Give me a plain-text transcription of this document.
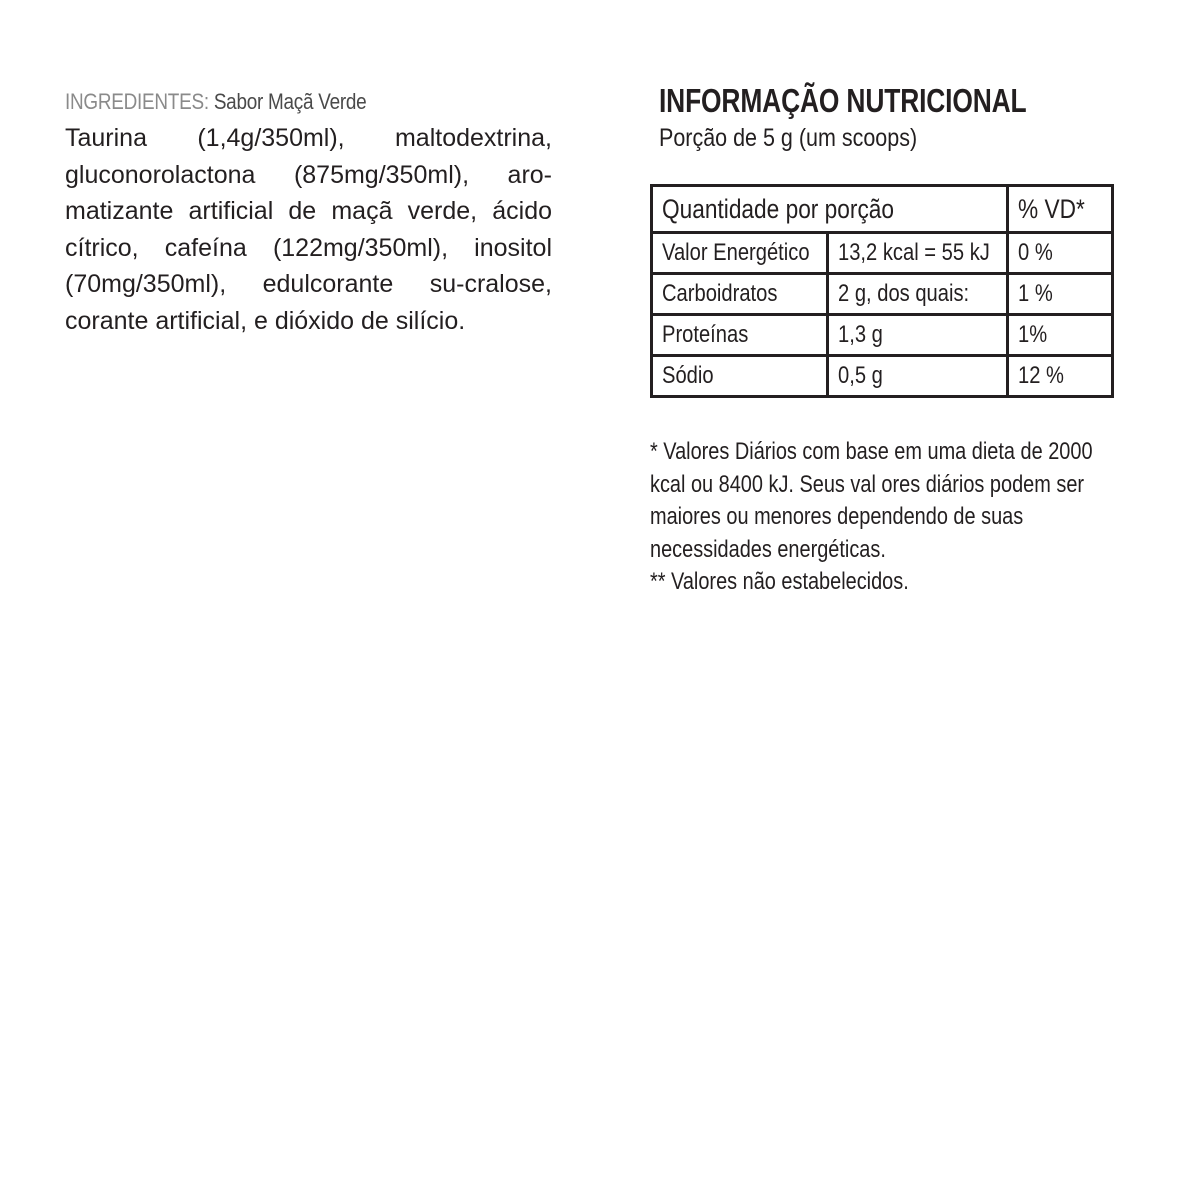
INGREDIENTES: Sabor Maçã Verde

Taurina (1,4g/350ml), maltodextrina, gluconorolactona (875mg/350ml), aro-matizante artificial de maçã verde, ácido cítrico, cafeína (122mg/350ml), inositol (70mg/350ml), edulcorante su-cralose, corante artificial, e dióxido de silício.

INFORMAÇÃO NUTRICIONAL
Porção de 5 g (um scoops)
Quantidade por porção		% VD*
Valor Energético	13,2 kcal = 55 kJ	0 %
Carboidratos	2 g, dos quais:	1 %
Proteínas	1,3 g	1%
Sódio	0,5 g	12 %
* Valores Diários com base em uma dieta de 2000
kcal ou 8400 kJ. Seus val ores diários podem ser
maiores ou menores dependendo de suas
necessidades energéticas.
** Valores não estabelecidos.
